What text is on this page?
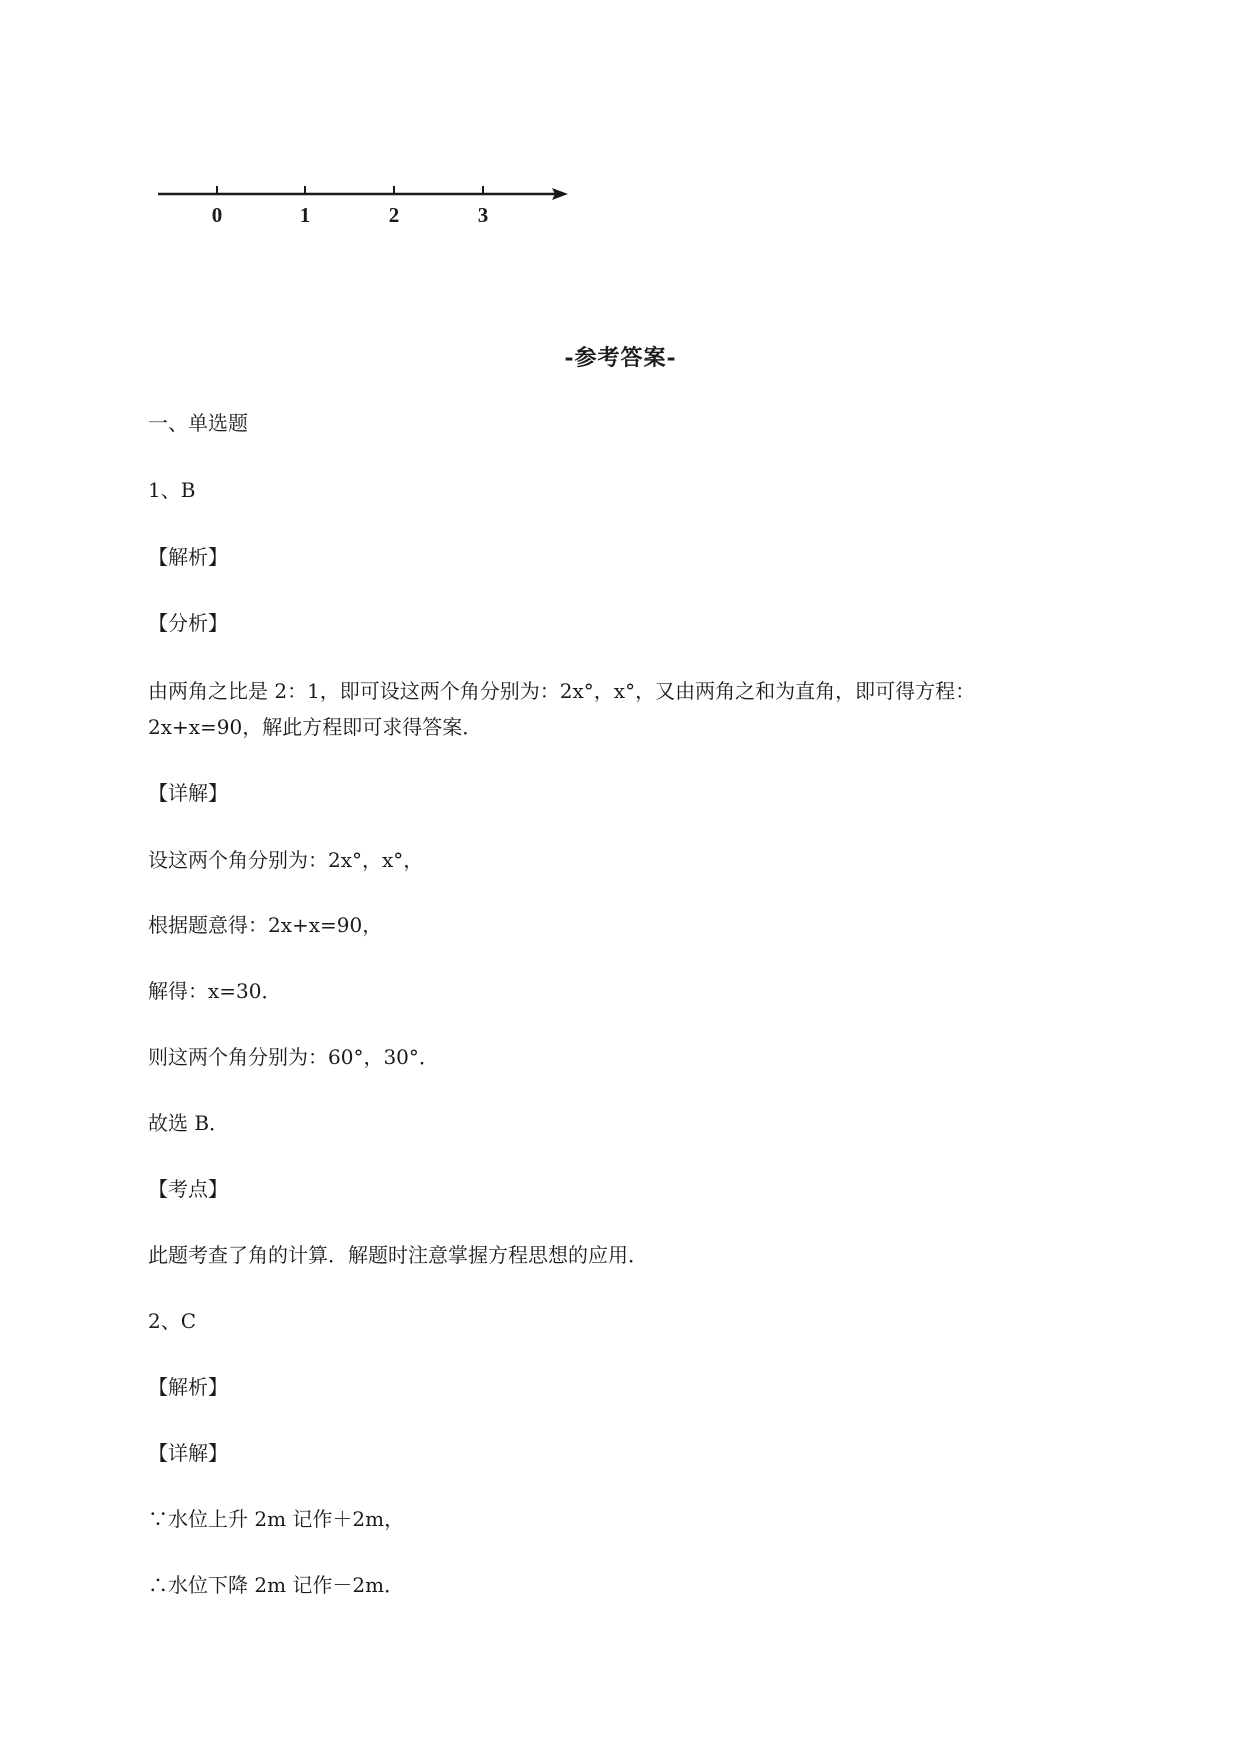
0	1	2	3
-参考答案-
一、单选题
1、B
【解析】
【分析】
由两角之比是 2：1，即可设这两个角分别为：2x°，x°，又由两角之和为直角，即可得方程：
2x+x=90，解此方程即可求得答案．
【详解】
设这两个角分别为：2x°，x°，
根据题意得：2x+x=90，
解得：x=30．
则这两个角分别为：60°，30°．
故选 B．
【考点】
此题考查了角的计算．解题时注意掌握方程思想的应用．
2、C
【解析】
【详解】
∵水位上升 2m 记作＋2m，
∴水位下降 2m 记作－2m．
